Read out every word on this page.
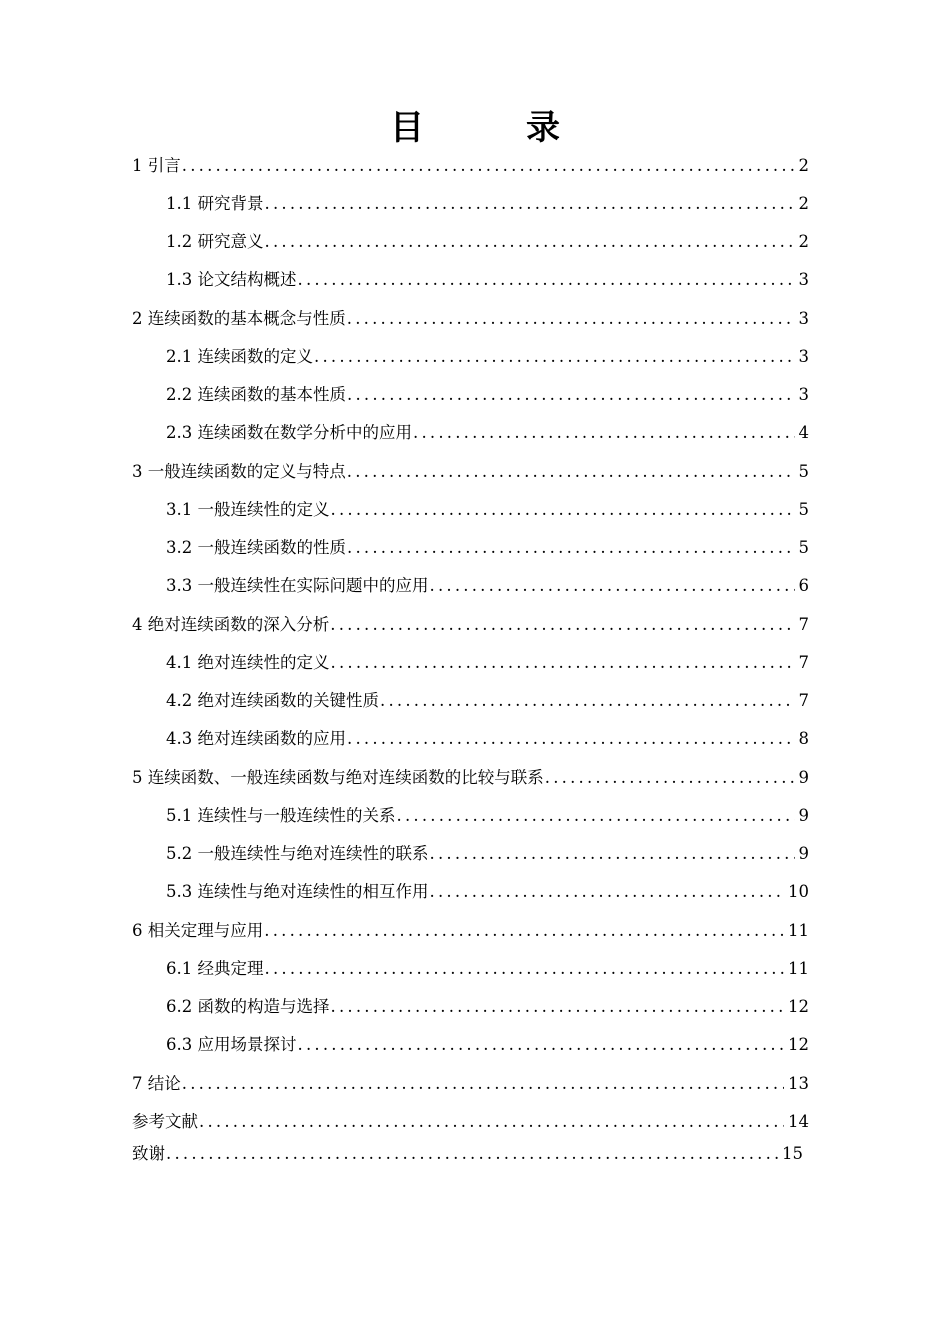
目　录
1 引言 .....	2
1.1 研究背景 .....	2
1.2 研究意义 .....	2
1.3 论文结构概述 .....	3
2 连续函数的基本概念与性质 .....	3
2.1 连续函数的定义 .....	3
2.2 连续函数的基本性质 .....	3
2.3 连续函数在数学分析中的应用 .....	4
3 一般连续函数的定义与特点 .....	5
3.1 一般连续性的定义 .....	5
3.2 一般连续函数的性质 .....	5
3.3 一般连续性在实际问题中的应用 .....	6
4 绝对连续函数的深入分析 .....	7
4.1 绝对连续性的定义 .....	7
4.2 绝对连续函数的关键性质 .....	7
4.3 绝对连续函数的应用 .....	8
5 连续函数、一般连续函数与绝对连续函数的比较与联系 .....	9
5.1 连续性与一般连续性的关系 .....	9
5.2 一般连续性与绝对连续性的联系 .....	9
5.3 连续性与绝对连续性的相互作用 .....	10
6 相关定理与应用 .....	11
6.1 经典定理 .....	11
6.2 函数的构造与选择 .....	12
6.3 应用场景探讨 .....	12
7 结论 .....	13
参考文献 .....	14
致谢 .....	15
